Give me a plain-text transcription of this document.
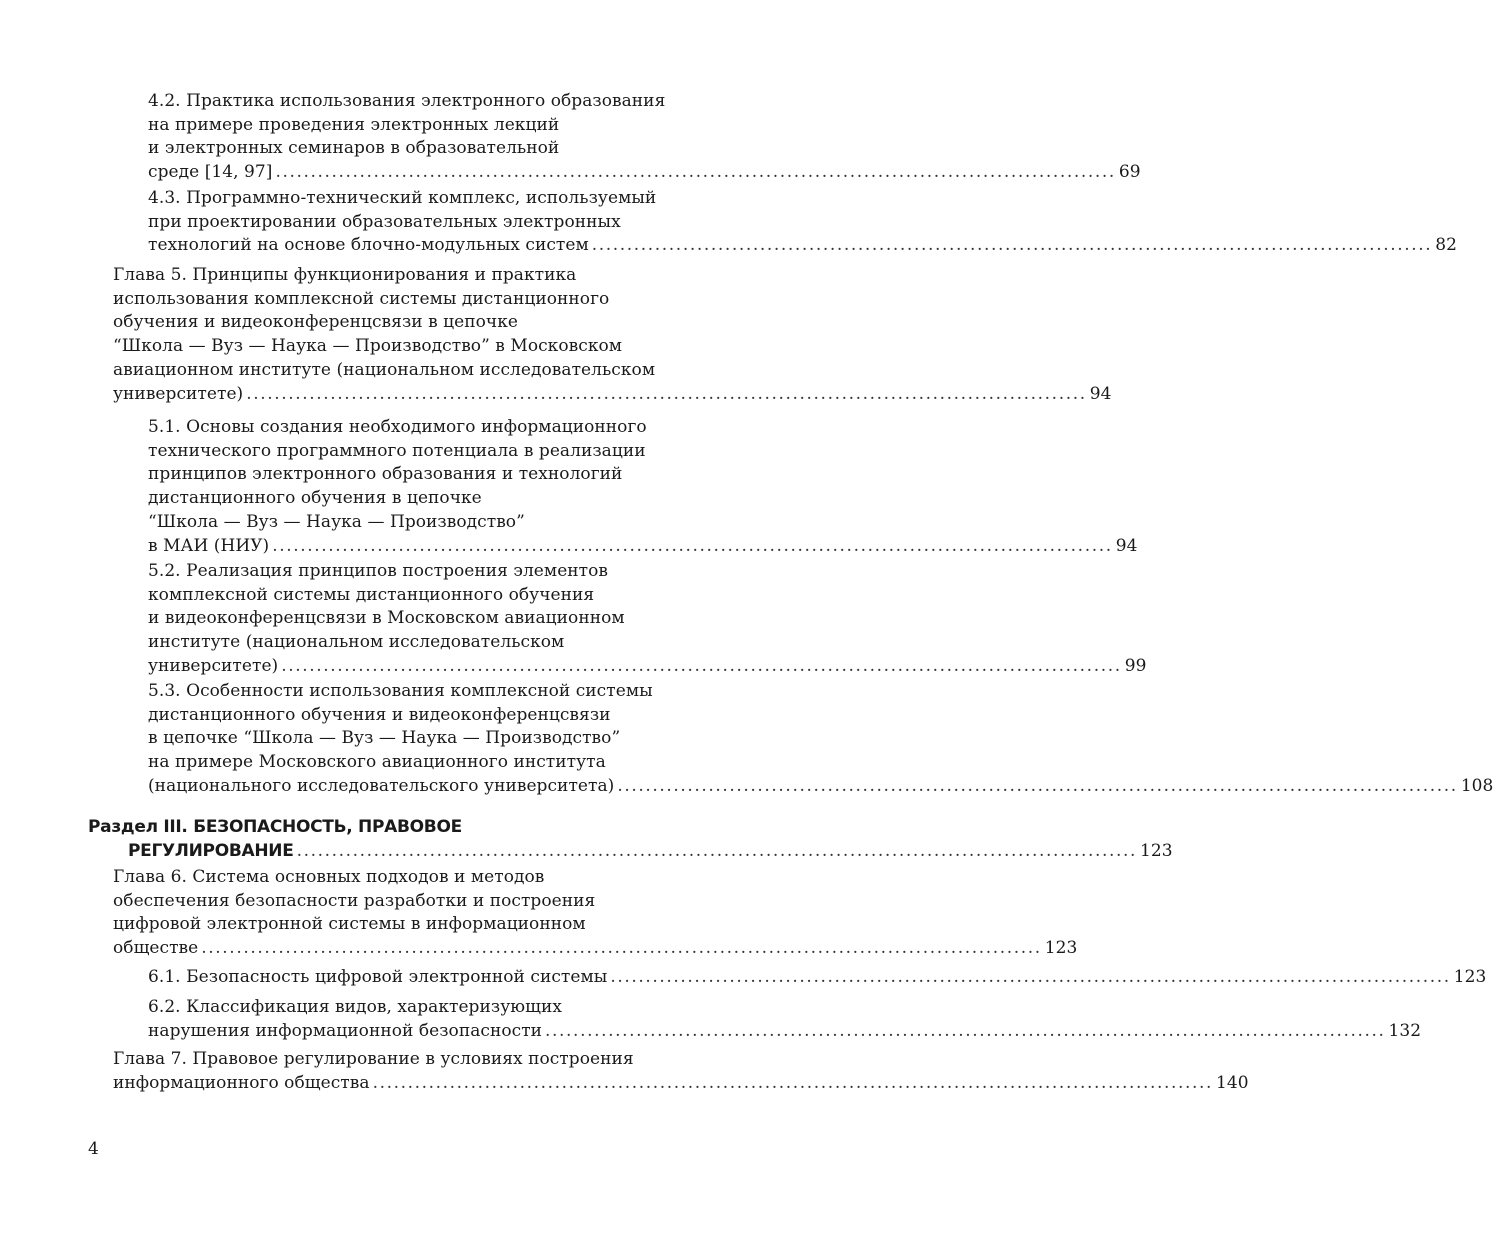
4.2. Практика использования электронного образования
на примере проведения электронных лекций
и электронных семинаров в образовательной
среде [14, 97] ........................................................................................................................ 69
4.3. Программно-технический комплекс, используемый
при проектировании образовательных электронных
технологий на основе блочно-модульных систем ........................................................................................................................ 82
Глава 5. Принципы функционирования и практика
использования комплексной системы дистанционного
обучения и видеоконференцсвязи в цепочке
“Школа — Вуз — Наука — Производство” в Московском
авиационном институте (национальном исследовательском
университете) ........................................................................................................................ 94
5.1. Основы создания необходимого информационного
технического программного потенциала в реализации
принципов электронного образования и технологий
дистанционного обучения в цепочке
“Школа — Вуз — Наука — Производство”
в МАИ (НИУ) ........................................................................................................................ 94
5.2. Реализация принципов построения элементов
комплексной системы дистанционного обучения
и видеоконференцсвязи в Московском авиационном
институте (национальном исследовательском
университете) ........................................................................................................................ 99
5.3. Особенности использования комплексной системы
дистанционного обучения и видеоконференцсвязи
в цепочке “Школа — Вуз — Наука — Производство”
на примере Московского авиационного института
(национального исследовательского университета) ........................................................................................................................ 108
Раздел III. БЕЗОПАСНОСТЬ, ПРАВОВОЕ
РЕГУЛИРОВАНИЕ ........................................................................................................................ 123
Глава 6. Система основных подходов и методов
обеспечения безопасности разработки и построения
цифровой электронной системы в информационном
обществе ........................................................................................................................ 123
6.1. Безопасность цифровой электронной системы ........................................................................................................................ 123
6.2. Классификация видов, характеризующих
нарушения информационной безопасности ........................................................................................................................ 132
Глава 7. Правовое регулирование в условиях построения
информационного общества ........................................................................................................................ 140
4
